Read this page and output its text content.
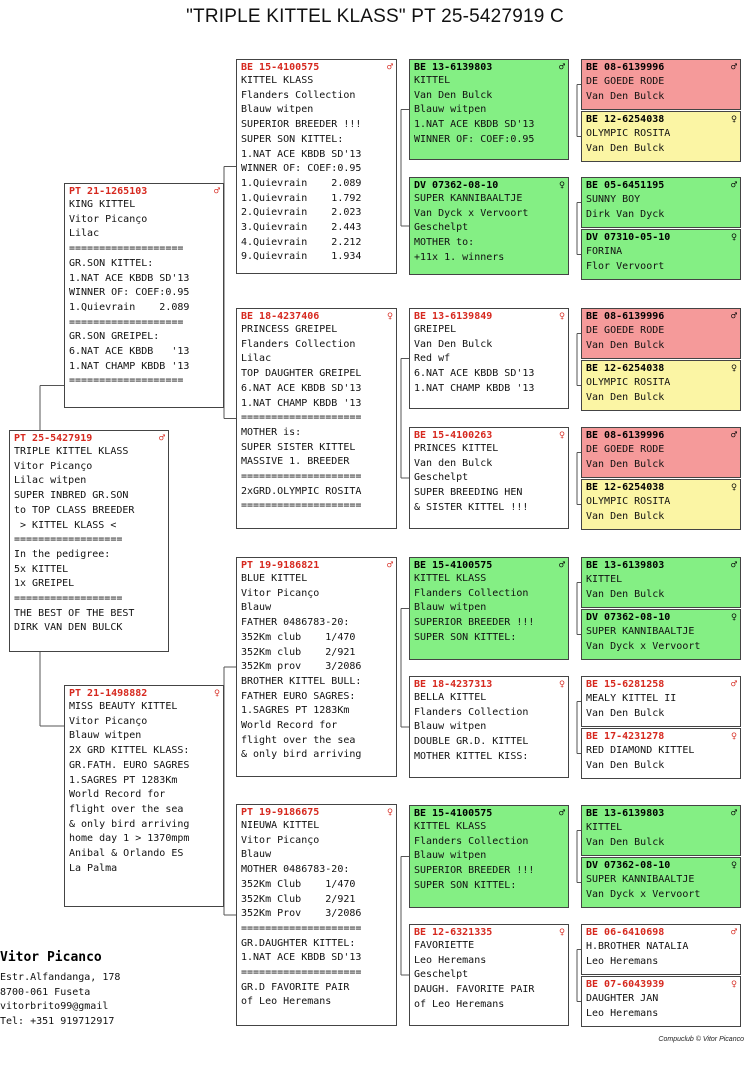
"TRIPLE KITTEL KLASS" PT 25-5427919 C
PT 25-5427919	♂
TRIPLE KITTEL KLASS
Vitor Picanço
Lilac witpen
SUPER INBRED GR.SON
to TOP CLASS BREEDER
> KITTEL KLASS <
==================
In the pedigree:
5x KITTEL
1x GREIPEL
==================
THE BEST OF THE BEST
DIRK VAN DEN BULCK
PT 21-1265103	♂
KING KITTEL
Vitor Picanço
Lilac
===================
GR.SON KITTEL:
1.NAT ACE KBDB SD'13
WINNER OF: COEF:0.95
1.Quievrain    2.089
===================
GR.SON GREIPEL:
6.NAT ACE KBDB   '13
1.NAT CHAMP KBDB '13
===================
PT 21-1498882	♀
MISS BEAUTY KITTEL
Vitor Picanço
Blauw witpen
2X GRD KITTEL KLASS:
GR.FATH. EURO SAGRES
1.SAGRES PT 1283Km
World Record for
flight over the sea
& only bird arriving
home day 1 > 1370mpm
Anibal & Orlando ES
La Palma
BE 15-4100575	♂
KITTEL KLASS
Flanders Collection
Blauw witpen
SUPERIOR BREEDER !!!
SUPER SON KITTEL:
1.NAT ACE KBDB SD'13
WINNER OF: COEF:0.95
1.Quievrain    2.089
1.Quievrain    1.792
2.Quievrain    2.023
3.Quievrain    2.443
4.Quievrain    2.212
9.Quievrain    1.934
BE 18-4237406	♀
PRINCESS GREIPEL
Flanders Collection
Lilac
TOP DAUGHTER GREIPEL
6.NAT ACE KBDB SD'13
1.NAT CHAMP KBDB '13
====================
MOTHER is:
SUPER SISTER KITTEL
MASSIVE 1. BREEDER
====================
2xGRD.OLYMPIC ROSITA
====================
PT 19-9186821	♂
BLUE KITTEL
Vitor Picanço
Blauw
FATHER 0486783-20:
352Km club    1/470
352Km club    2/921
352Km prov    3/2086
BROTHER KITTEL BULL:
FATHER EURO SAGRES:
1.SAGRES PT 1283Km
World Record for
flight over the sea
& only bird arriving
PT 19-9186675	♀
NIEUWA KITTEL
Vitor Picanço
Blauw
MOTHER 0486783-20:
352Km Club    1/470
352Km Club    2/921
352Km Prov    3/2086
====================
GR.DAUGHTER KITTEL:
1.NAT ACE KBDB SD'13
====================
GR.D FAVORITE PAIR
of Leo Heremans
BE 13-6139803	♂
KITTEL
Van Den Bulck
Blauw witpen
1.NAT ACE KBDB SD'13
WINNER OF: COEF:0.95
DV 07362-08-10	♀
SUPER KANNIBAALTJE
Van Dyck x Vervoort
Geschelpt
MOTHER to:
+11x 1. winners
BE 13-6139849	♀
GREIPEL
Van Den Bulck
Red wf
6.NAT ACE KBDB SD'13
1.NAT CHAMP KBDB '13
BE 15-4100263	♀
PRINCES KITTEL
Van den Bulck
Geschelpt
SUPER BREEDING HEN
& SISTER KITTEL !!!
BE 15-4100575	♂
KITTEL KLASS
Flanders Collection
Blauw witpen
SUPERIOR BREEDER !!!
SUPER SON KITTEL:
BE 18-4237313	♀
BELLA KITTEL
Flanders Collection
Blauw witpen
DOUBLE GR.D. KITTEL
MOTHER KITTEL KISS:
BE 15-4100575	♂
KITTEL KLASS
Flanders Collection
Blauw witpen
SUPERIOR BREEDER !!!
SUPER SON KITTEL:
BE 12-6321335	♀
FAVORIETTE
Leo Heremans
Geschelpt
DAUGH. FAVORITE PAIR
of Leo Heremans
BE 08-6139996	♂
DE GOEDE RODE
Van Den Bulck
BE 12-6254038	♀
OLYMPIC ROSITA
Van Den Bulck
BE 05-6451195	♂
SUNNY BOY
Dirk Van Dyck
DV 07310-05-10	♀
FORINA
Flor Vervoort
BE 08-6139996	♂
DE GOEDE RODE
Van Den Bulck
BE 12-6254038	♀
OLYMPIC ROSITA
Van Den Bulck
BE 08-6139996	♂
DE GOEDE RODE
Van Den Bulck
BE 12-6254038	♀
OLYMPIC ROSITA
Van Den Bulck
BE 13-6139803	♂
KITTEL
Van Den Bulck
DV 07362-08-10	♀
SUPER KANNIBAALTJE
Van Dyck x Vervoort
BE 15-6281258	♂
MEALY KITTEL II
Van Den Bulck
BE 17-4231278	♀
RED DIAMOND KITTEL
Van Den Bulck
BE 13-6139803	♂
KITTEL
Van Den Bulck
DV 07362-08-10	♀
SUPER KANNIBAALTJE
Van Dyck x Vervoort
BE 06-6410698	♂
H.BROTHER NATALIA
Leo Heremans
BE 07-6043939	♀
DAUGHTER JAN
Leo Heremans
Vitor Picanco
Estr.Alfandanga, 178
8700-061 Fuseta
vitorbrito99@gmail
Tel: +351 919712917
Compuclub © Vitor Picanco
